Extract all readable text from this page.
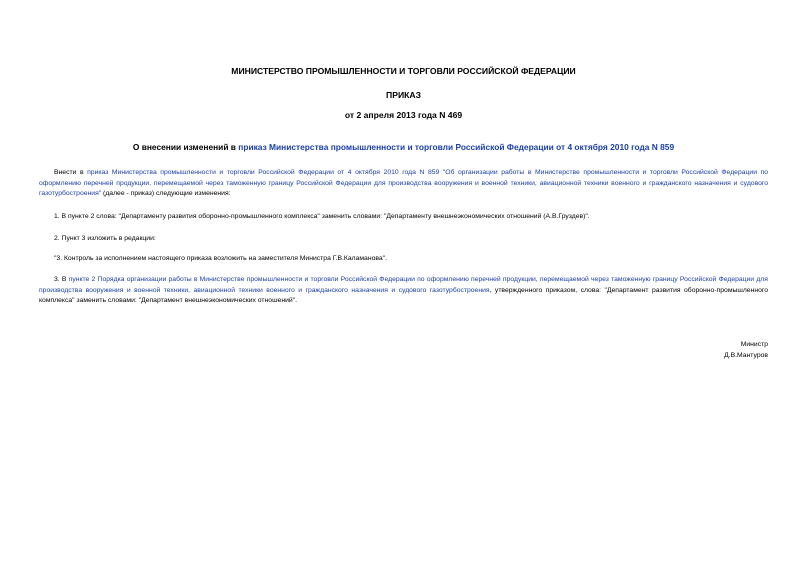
МИНИСТЕРСТВО ПРОМЫШЛЕННОСТИ И ТОРГОВЛИ РОССИЙСКОЙ ФЕДЕРАЦИИ
ПРИКАЗ
от 2 апреля 2013 года N 469
О внесении изменений в приказ Министерства промышленности и торговли Российской Федерации от 4 октября 2010 года N 859
Внести в приказ Министерства промышленности и торговли Российской Федерации от 4 октября 2010 года N 859 "Об организации работы в Министерстве промышленности и торговли Российской Федерации по оформлению перечней продукции, перемещаемой через таможенную границу Российской Федерации для производства вооружения и военной техники, авиационной техники военного и гражданского назначения и судового газотурбостроения" (далее - приказ) следующие изменения:
1. В пункте 2 слова: "Департаменту развития оборонно-промышленного комплекса" заменить словами: "Департаменту внешнеэкономических отношений (А.В.Груздев)".
2. Пункт 3 изложить в редакции:
"3. Контроль за исполнением настоящего приказа возложить на заместителя Министра Г.В.Каламанова".
3. В пункте 2 Порядка организации работы в Министерстве промышленности и торговли Российской Федерации по оформлению перечней продукции, перемещаемой через таможенную границу Российской Федерации для производства вооружения и военной техники, авиационной техники военного и гражданского назначения и судового газотурбостроения, утвержденного приказом, слова: "Департамент развития оборонно-промышленного комплекса" заменить словами: "Департамент внешнеэкономических отношений".
Министр
Д.В.Мантуров
